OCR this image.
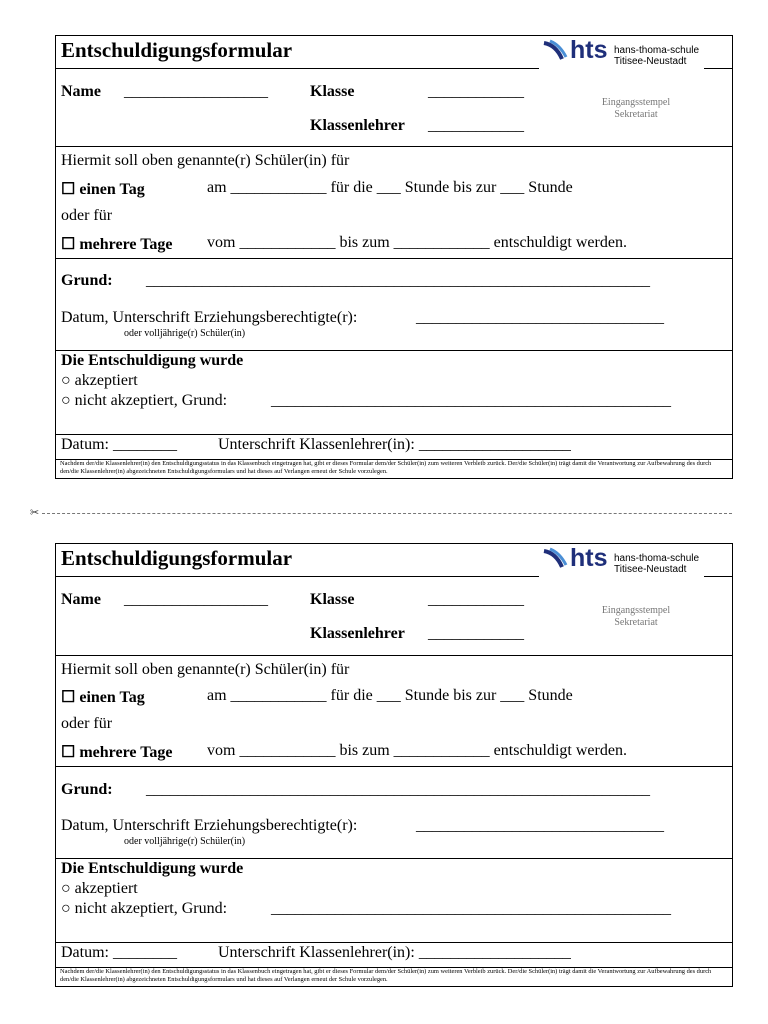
Entschuldigungsformular	hts hans-thoma-schule
Titisee-Neustadt
Name __________________	Klasse	____________
Klassenlehrer ____________
Eingangsstempel
Sekretariat
Hiermit soll oben genannte(r) Schüler(in) für
☐ einen Tag	am ____________ für die ___ Stunde bis zur ___ Stunde
oder für
☐ mehrere Tage vom ____________ bis zum ____________ entschuldigt werden.
Grund: _______________________________________________________________
Datum, Unterschrift Erziehungsberechtigte(r):	_______________________________
oder volljährige(r) Schüler(in)
Die Entschuldigung wurde
○ akzeptiert
○ nicht akzeptiert, Grund:	__________________________________________________
Datum: ________	Unterschrift Klassenlehrer(in): ___________________
Nachdem der/die Klassenlehrer(in) den Entschuldigungsstatus in das Klassenbuch eingetragen hat, gibt er dieses Formular dem/der Schüler(in) zum weiteren Verbleib zurück. Der/die Schüler(in) trägt damit die Verantwortung zur Aufbewahrung des durch den/die Klassenlehrer(in) abgezeichneten Entschuldigungsformulars und hat dieses auf Verlangen erneut der Schule vorzulegen.
✂
Entschuldigungsformular	hts hans-thoma-schule
Titisee-Neustadt
Name __________________	Klasse	____________
Klassenlehrer ____________
Eingangsstempel
Sekretariat
Hiermit soll oben genannte(r) Schüler(in) für
☐ einen Tag	am ____________ für die ___ Stunde bis zur ___ Stunde
oder für
☐ mehrere Tage vom ____________ bis zum ____________ entschuldigt werden.
Grund: _______________________________________________________________
Datum, Unterschrift Erziehungsberechtigte(r):	_______________________________
oder volljährige(r) Schüler(in)
Die Entschuldigung wurde
○ akzeptiert
○ nicht akzeptiert, Grund:	__________________________________________________
Datum: ________	Unterschrift Klassenlehrer(in): ___________________
Nachdem der/die Klassenlehrer(in) den Entschuldigungsstatus in das Klassenbuch eingetragen hat, gibt er dieses Formular dem/der Schüler(in) zum weiteren Verbleib zurück. Der/die Schüler(in) trägt damit die Verantwortung zur Aufbewahrung des durch den/die Klassenlehrer(in) abgezeichneten Entschuldigungsformulars und hat dieses auf Verlangen erneut der Schule vorzulegen.
